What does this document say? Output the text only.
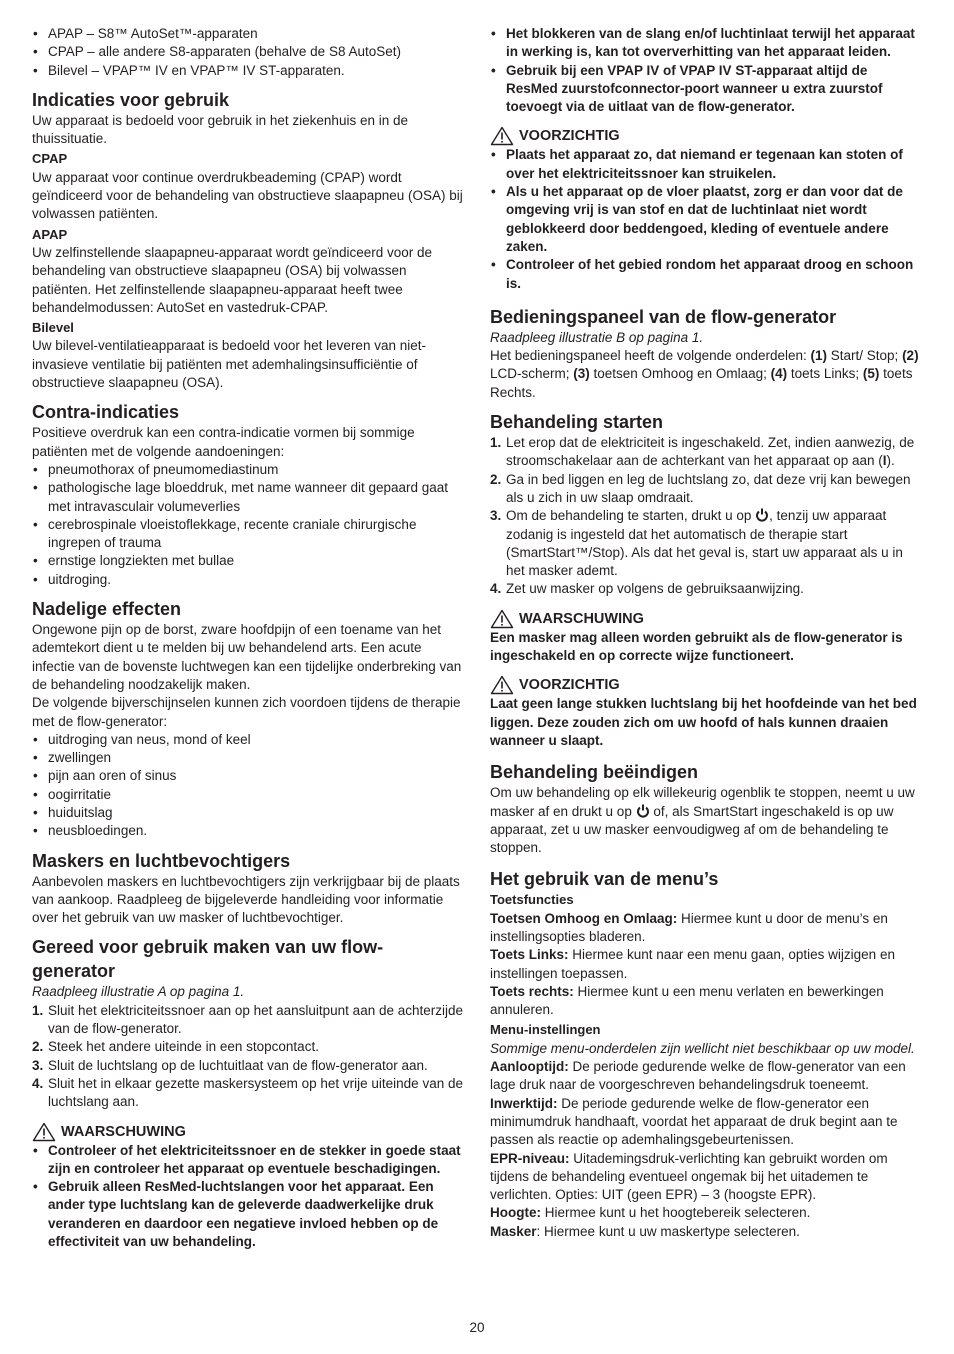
• APAP – S8™ AutoSet™-apparaten
• CPAP – alle andere S8-apparaten (behalve de S8 AutoSet)
• Bilevel – VPAP™ IV en VPAP™ IV ST-apparaten.
Indicaties voor gebruik

Uw apparaat is bedoeld voor gebruik in het ziekenhuis en in de thuissituatie.

CPAP

Uw apparaat voor continue overdrukbeademing (CPAP) wordt geïndiceerd voor de behandeling van obstructieve slaapapneu (OSA) bij volwassen patiënten.

APAP

Uw zelfinstellende slaapapneu-apparaat wordt geïndiceerd voor de behandeling van obstructieve slaapapneu (OSA) bij volwassen patiënten. Het zelfinstellende slaapapneu-apparaat heeft twee behandelmodussen: AutoSet en vastedruk-CPAP.

Bilevel

Uw bilevel-ventilatieapparaat is bedoeld voor het leveren van niet-invasieve ventilatie bij patiënten met ademhalingsinsufficiëntie of obstructieve slaapapneu (OSA).

Contra-indicaties

Positieve overdruk kan een contra-indicatie vormen bij sommige patiënten met de volgende aandoeningen:

• pneumothorax of pneumomediastinum
• pathologische lage bloeddruk, met name wanneer dit gepaard gaat met intravasculair volumeverlies
• cerebrospinale vloeistoflekkage, recente craniale chirurgische ingrepen of trauma
• ernstige longziekten met bullae
• uitdroging.
Nadelige effecten

Ongewone pijn op de borst, zware hoofdpijn of een toename van het ademtekort dient u te melden bij uw behandelend arts. Een acute infectie van de bovenste luchtwegen kan een tijdelijke onderbreking van de behandeling noodzakelijk maken.

De volgende bijverschijnselen kunnen zich voordoen tijdens de therapie met de flow-generator:

• uitdroging van neus, mond of keel
• zwellingen
• pijn aan oren of sinus
• oogirritatie
• huiduitslag
• neusbloedingen.
Maskers en luchtbevochtigers

Aanbevolen maskers en luchtbevochtigers zijn verkrijgbaar bij de plaats van aankoop. Raadpleeg de bijgeleverde handleiding voor informatie over het gebruik van uw masker of luchtbevochtiger.

Gereed voor gebruik maken van uw flow-generator

Raadpleeg illustratie A op pagina 1.

1. Sluit het elektriciteitssnoer aan op het aansluitpunt aan de achterzijde van de flow-generator.
2. Steek het andere uiteinde in een stopcontact.
3. Sluit de luchtslang op de luchtuitlaat van de flow-generator aan.
4. Sluit het in elkaar gezette maskersysteem op het vrije uiteinde van de luchtslang aan.
WAARSCHUWING
• Controleer of het elektriciteitssnoer en de stekker in goede staat zijn en controleer het apparaat op eventuele beschadigingen.
• Gebruik alleen ResMed-luchtslangen voor het apparaat. Een ander type luchtslang kan de geleverde daadwerkelijke druk veranderen en daardoor een negatieve invloed hebben op de effectiviteit van uw behandeling.
• Het blokkeren van de slang en/of luchtinlaat terwijl het apparaat in werking is, kan tot oververhitting van het apparaat leiden.
• Gebruik bij een VPAP IV of VPAP IV ST-apparaat altijd de ResMed zuurstofconnector-poort wanneer u extra zuurstof toevoegt via de uitlaat van de flow-generator.
VOORZICHTIG
• Plaats het apparaat zo, dat niemand er tegenaan kan stoten of over het elektriciteitssnoer kan struikelen.
• Als u het apparaat op de vloer plaatst, zorg er dan voor dat de omgeving vrij is van stof en dat de luchtinlaat niet wordt geblokkeerd door beddengoed, kleding of eventuele andere zaken.
• Controleer of het gebied rondom het apparaat droog en schoon is.
Bedieningspaneel van de flow-generator

Raadpleeg illustratie B op pagina 1.

Het bedieningspaneel heeft de volgende onderdelen: (1) Start/ Stop; (2) LCD-scherm; (3) toetsen Omhoog en Omlaag; (4) toets Links; (5) toets Rechts.

Behandeling starten
1. Let erop dat de elektriciteit is ingeschakeld. Zet, indien aanwezig, de stroomschakelaar aan de achterkant van het apparaat op aan (I).
2. Ga in bed liggen en leg de luchtslang zo, dat deze vrij kan bewegen als u zich in uw slaap omdraait.
3. Om de behandeling te starten, drukt u op , tenzij uw apparaat zodanig is ingesteld dat het automatisch de therapie start (SmartStart™/Stop). Als dat het geval is, start uw apparaat als u in het masker ademt.
4. Zet uw masker op volgens de gebruiksaanwijzing.
WAARSCHUWING

Een masker mag alleen worden gebruikt als de flow-generator is ingeschakeld en op correcte wijze functioneert.

VOORZICHTIG

Laat geen lange stukken luchtslang bij het hoofdeinde van het bed liggen. Deze zouden zich om uw hoofd of hals kunnen draaien wanneer u slaapt.

Behandeling beëindigen

Om uw behandeling op elk willekeurig ogenblik te stoppen, neemt u uw masker af en drukt u op  of, als SmartStart ingeschakeld is op uw apparaat, zet u uw masker eenvoudigweg af om de behandeling te stoppen.

Het gebruik van de menu’s

Toetsfuncties

Toetsen Omhoog en Omlaag: Hiermee kunt u door de menu’s en instellingsopties bladeren.

Toets Links: Hiermee kunt naar een menu gaan, opties wijzigen en instellingen toepassen.

Toets rechts: Hiermee kunt u een menu verlaten en bewerkingen annuleren.

Menu-instellingen

Sommige menu-onderdelen zijn wellicht niet beschikbaar op uw model.

Aanlooptijd: De periode gedurende welke de flow-generator van een lage druk naar de voorgeschreven behandelingsdruk toeneemt.

Inwerktijd: De periode gedurende welke de flow-generator een minimumdruk handhaaft, voordat het apparaat de druk begint aan te passen als reactie op ademhalingsgebeurtenissen.

EPR-niveau: Uitademingsdruk-verlichting kan gebruikt worden om tijdens de behandeling eventueel ongemak bij het uitademen te verlichten. Opties: UIT (geen EPR) – 3 (hoogste EPR).

Hoogte: Hiermee kunt u het hoogtebereik selecteren.

Masker: Hiermee kunt u uw maskertype selecteren.

20
